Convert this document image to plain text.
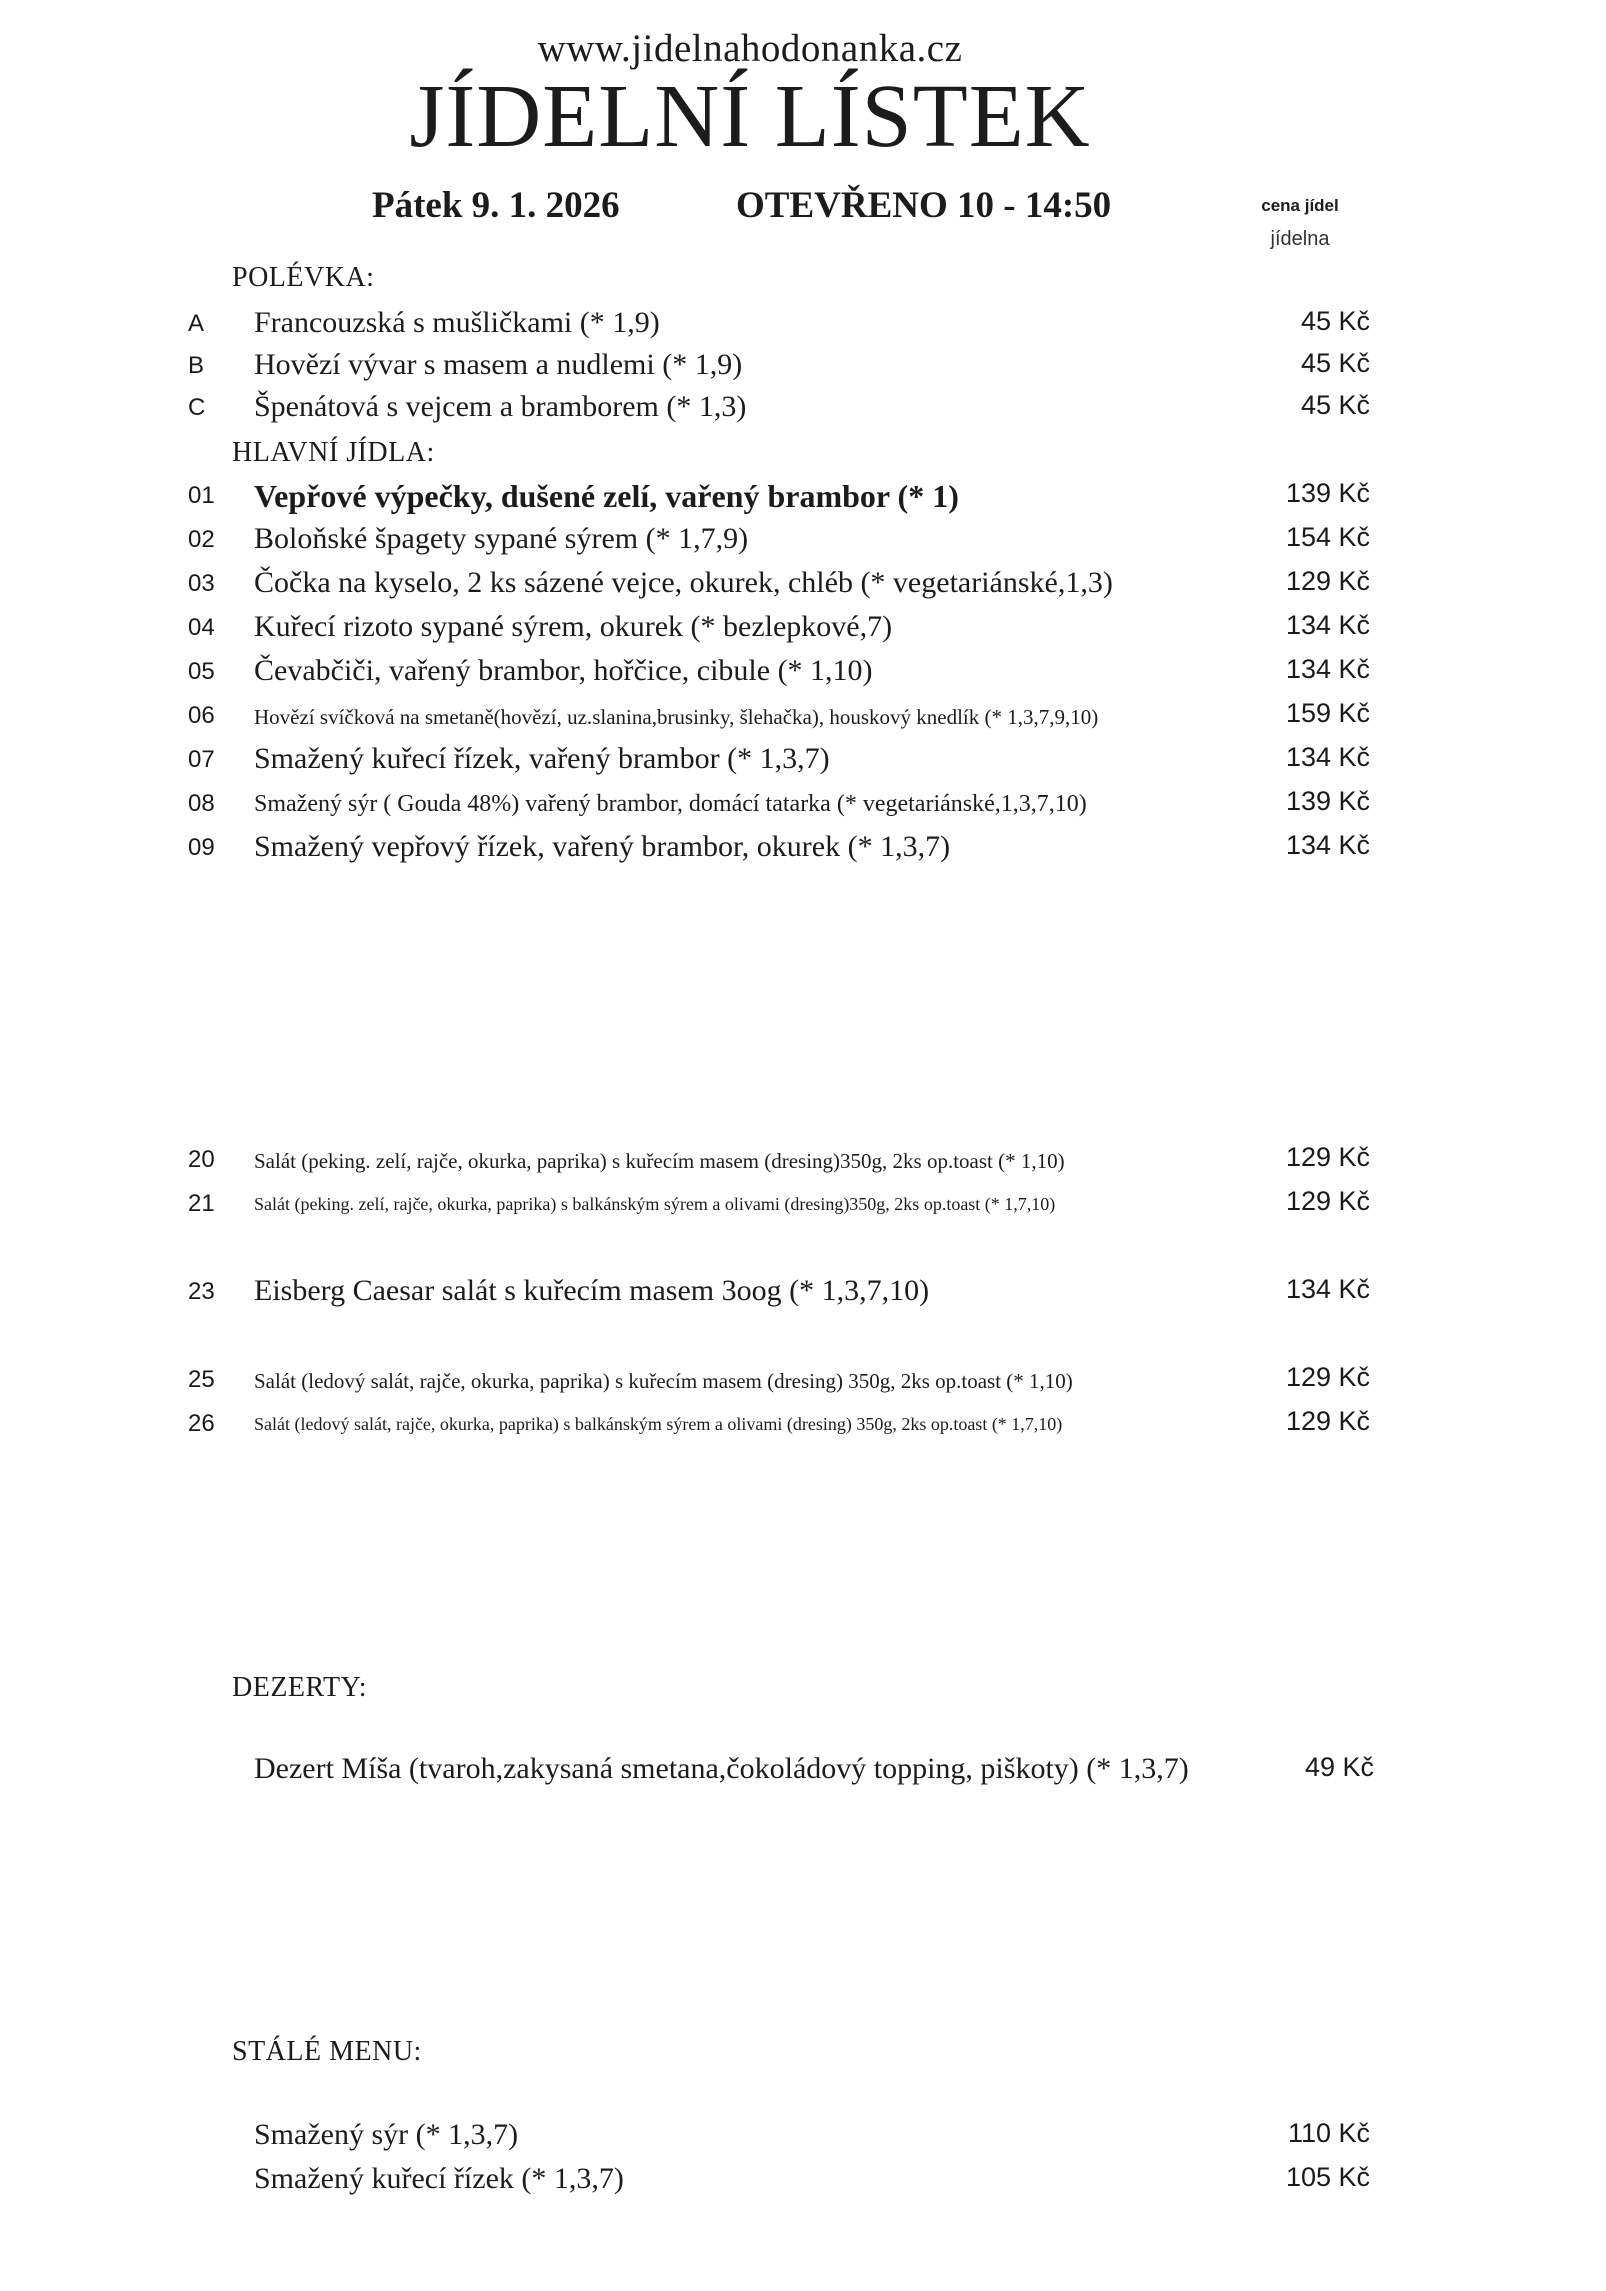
www.jidelnahodonanka.cz
JÍDELNÍ LÍSTEK
Pátek 9. 1. 2026	OTEVŘENO 10 - 14:50	cena jídel
jídelna
POLÉVKA:
A Francouzská s mušličkami (* 1,9)	45 Kč
B Hovězí vývar s masem a nudlemi (* 1,9)	45 Kč
C Špenátová s vejcem a bramborem (* 1,3)	45 Kč
HLAVNÍ JÍDLA:
01 Vepřové výpečky, dušené zelí, vařený brambor (* 1)	139 Kč
02 Boloňské špagety sypané sýrem (* 1,7,9)	154 Kč
03 Čočka na kyselo, 2 ks sázené vejce, okurek, chléb (* vegetariánské,1,3)	129 Kč
04 Kuřecí rizoto sypané sýrem, okurek (* bezlepkové,7)	134 Kč
05 Čevabčiči, vařený brambor, hořčice, cibule (* 1,10)	134 Kč
06 Hovězí svíčková na smetaně(hovězí, uz.slanina,brusinky, šlehačka), houskový knedlík (* 1,3,7,9,10)	159 Kč
07 Smažený kuřecí řízek, vařený brambor (* 1,3,7)	134 Kč
08 Smažený sýr ( Gouda 48%) vařený brambor, domácí tatarka (* vegetariánské,1,3,7,10)	139 Kč
09 Smažený vepřový řízek, vařený brambor, okurek (* 1,3,7)	134 Kč
20 Salát (peking. zelí, rajče, okurka, paprika) s kuřecím masem (dresing)350g, 2ks op.toast (* 1,10)	129 Kč
21 Salát (peking. zelí, rajče, okurka, paprika) s balkánským sýrem a olivami (dresing)350g, 2ks op.toast (* 1,7,10)	129 Kč
23 Eisberg Caesar salát s kuřecím masem 3oog (* 1,3,7,10)	134 Kč
25 Salát (ledový salát, rajče, okurka, paprika) s kuřecím masem (dresing) 350g, 2ks op.toast (* 1,10)	129 Kč
26 Salát (ledový salát, rajče, okurka, paprika) s balkánským sýrem a olivami (dresing) 350g, 2ks op.toast (* 1,7,10)	129 Kč
DEZERTY:
Dezert Míša (tvaroh,zakysaná smetana,čokoládový topping, piškoty) (* 1,3,7)	49 Kč
STÁLÉ MENU:
Smažený sýr (* 1,3,7)	110 Kč
Smažený kuřecí řízek (* 1,3,7)	105 Kč
